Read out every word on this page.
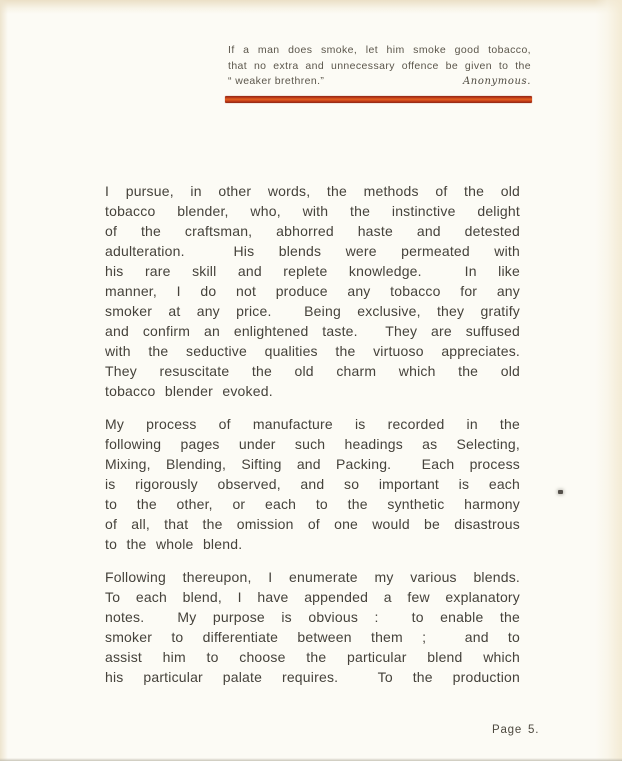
If a man does smoke, let him smoke good tobacco,
that no extra and unnecessary offence be given to the
“ weaker brethren.”	Anonymous.
I pursue, in other words, the methods of the old
tobacco blender, who, with the instinctive delight
of the craftsman, abhorred haste and detested
adulteration.  His blends were permeated with
his rare skill and replete knowledge.  In like
manner, I do not produce any tobacco for any
smoker at any price.  Being exclusive, they gratify
and confirm an enlightened taste.  They are suffused
with the seductive qualities the virtuoso appreciates.
They resuscitate the old charm which the old
tobacco blender evoked.
My process of manufacture is recorded in the
following pages under such headings as Selecting,
Mixing, Blending, Sifting and Packing.  Each process
is rigorously observed, and so important is each
to the other, or each to the synthetic harmony
of all, that the omission of one would be disastrous
to the whole blend.
Following thereupon, I enumerate my various blends.
To each blend, I have appended a few explanatory
notes.  My purpose is obvious :  to enable the
smoker to differentiate between them ;  and to
assist him to choose the particular blend which
his particular palate requires.  To the production
Page 5.
